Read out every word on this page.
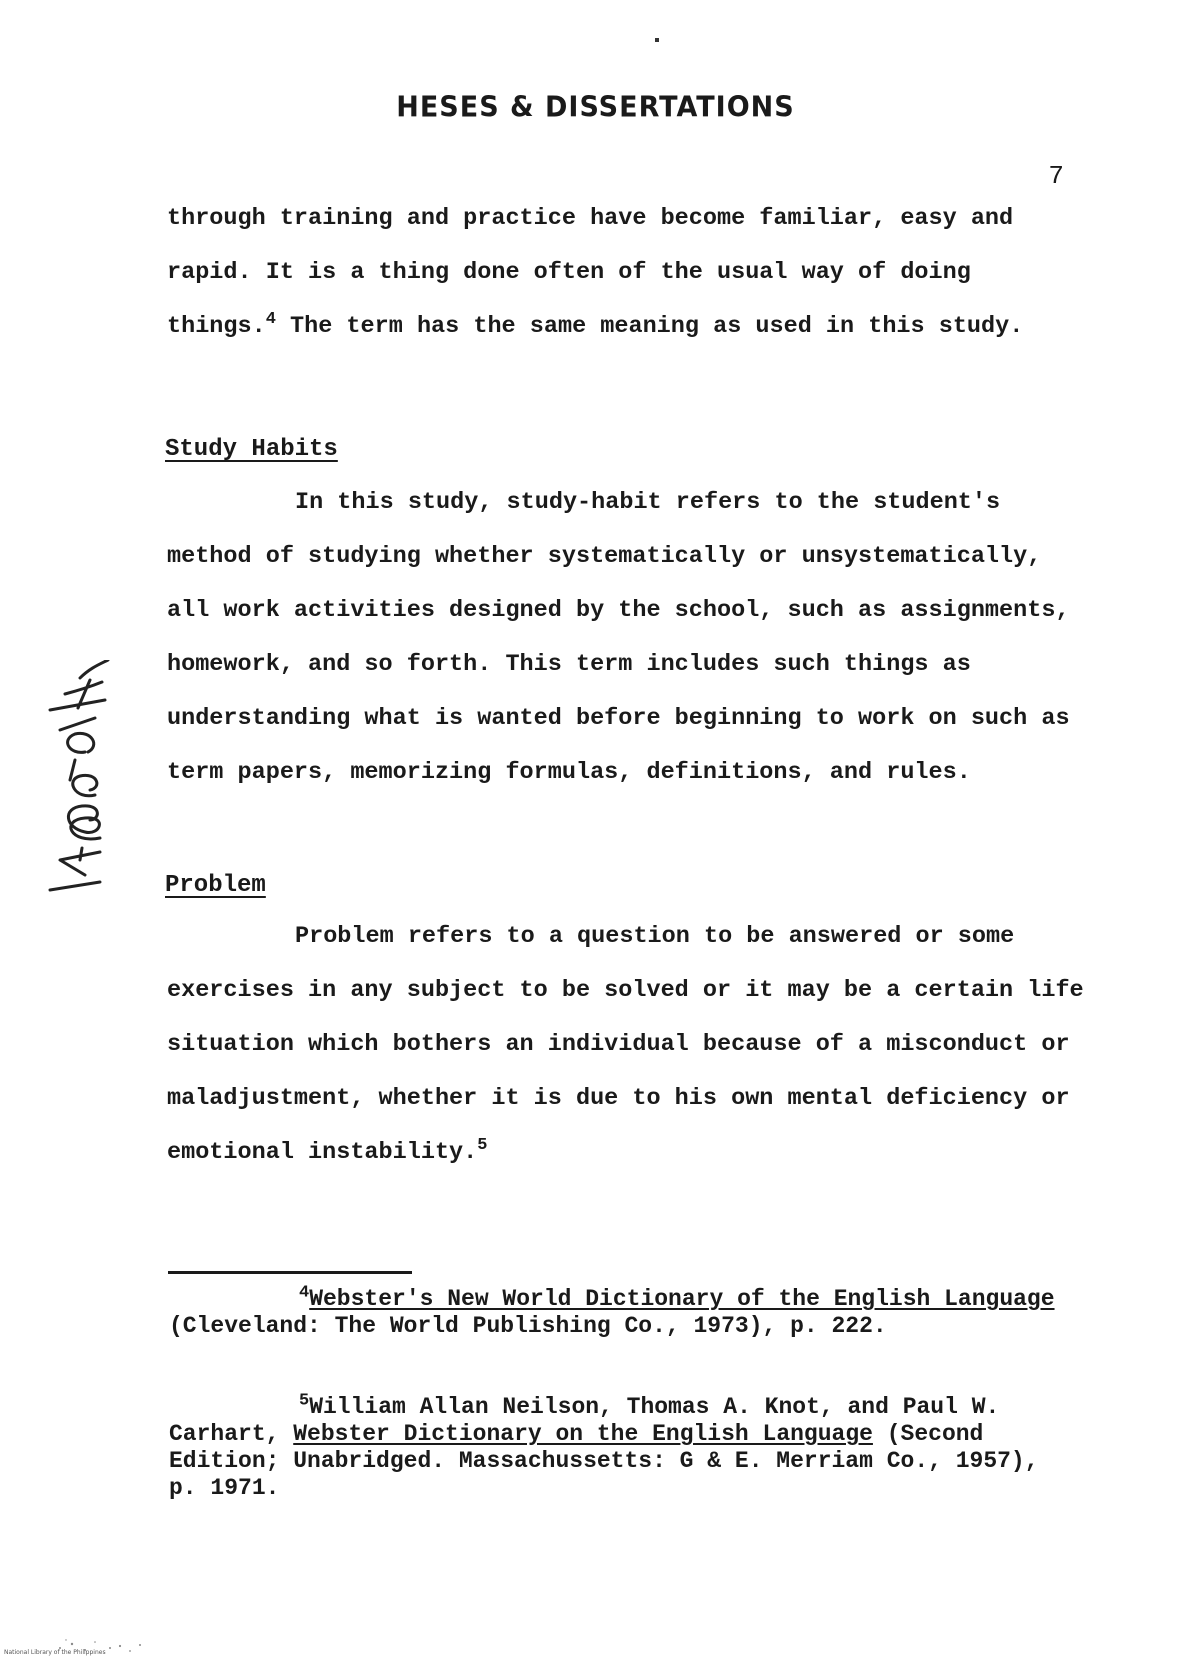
HESES & DISSERTATIONS
7

through training and practice have become familiar, easy and rapid. It is a thing done often of the usual way of doing things.$^4$ The term has the same meaning as used in this study.

Study Habits

In this study, study-habit refers to the student's method of studying whether systematically or unsystematically, all work activities designed by the school, such as assignments, homework, and so forth. This term includes such things as understanding what is wanted before beginning to work on such as term papers, memorizing formulas, definitions, and rules.

Problem

Problem refers to a question to be answered or some exercises in any subject to be solved or it may be a certain life situation which bothers an individual because of a misconduct or maladjustment, whether it is due to his own mental deficiency or emotional instability.$^5$

$^4$Webster's New World Dictionary of the English Language (Cleveland: The World Publishing Co., 1973), p. 222.

$^5$William Allan Neilson, Thomas A. Knot, and Paul W. Carhart, Webster Dictionary on the English Language (Second Edition; Unabridged. Massachussetts: G & E. Merriam Co., 1957), p. 1971.

National Library of the Philippines
